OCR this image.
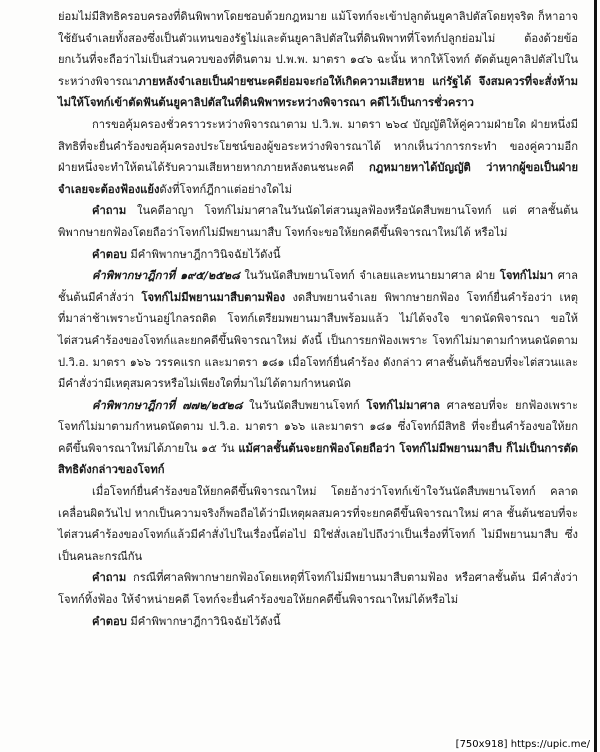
ย่อมไม่มีสิทธิครอบครองที่ดินพิพาทโดยชอบด้วยกฎหมาย แม้โจทก์จะเข้าปลูกต้นยูคาลิปตัสโดยทุจริต ก็หาอาจใช้ยันจำเลยทั้งสองซึ่งเป็นตัวแทนของรัฐไม่และต้นยูคาลิปตัสในที่ดินพิพาทที่โจทก์ปลูกย่อมไม่ ต้องด้วยข้อยกเว้นที่จะถือว่าไม่เป็นส่วนควบของที่ดินตาม ป.พ.พ. มาตรา ๑๔๖ ฉะนั้น หากให้โจทก์ ตัดต้นยูคาลิปตัสไปในระหว่างพิจารณาภายหลังจำเลยเป็นฝ่ายชนะคดีย่อมจะก่อให้เกิดความเสียหาย แก่รัฐได้ จึงสมควรที่จะสั่งห้ามไม่ให้โจทก์เข้าตัดฟันต้นยูคาลิปตัสในที่ดินพิพาทระหว่างพิจารณา คดีไว้เป็นการชั่วคราว

การขอคุ้มครองชั่วคราวระหว่างพิจารณาตาม ป.วิ.พ. มาตรา ๒๖๔ บัญญัติให้คู่ความฝ่ายใด ฝ่ายหนึ่งมีสิทธิที่จะยื่นคำร้องขอคุ้มครองประโยชน์ของผู้ขอระหว่างพิจารณาได้ หากเห็นว่าการกระทำ ของคู่ความอีกฝ่ายหนึ่งจะทำให้ตนได้รับความเสียหายหากภายหลังตนชนะคดี กฎหมายหาได้บัญญัติ ว่าหากผู้ขอเป็นฝ่ายจำเลยจะต้องฟ้องแย้งดังที่โจทก์ฎีกาแต่อย่างใดไม่

คำถาม ในคดีอาญา โจทก์ไม่มาศาลในวันนัดไต่สวนมูลฟ้องหรือนัดสืบพยานโจทก์ แต่ ศาลชั้นต้นพิพากษายกฟ้องโดยถือว่าโจทก์ไม่มีพยานมาสืบ โจทก์จะขอให้ยกคดีขึ้นพิจารณาใหม่ได้ หรือไม่

คำตอบ มีคำพิพากษาฎีกาวินิจฉัยไว้ดังนี้

คำพิพากษาฎีกาที่ ๑๙๕/๒๕๒๘ ในวันนัดสืบพยานโจทก์ จำเลยและทนายมาศาล ฝ่าย โจทก์ไม่มา ศาลชั้นต้นมีคำสั่งว่า โจทก์ไม่มีพยานมาสืบตามฟ้อง งดสืบพยานจำเลย พิพากษายกฟ้อง โจทก์ยื่นคำร้องว่า เหตุที่มาล่าช้าเพราะบ้านอยู่ไกลรถติด โจทก์เตรียมพยานมาสืบพร้อมแล้ว ไม่ได้จงใจ ขาดนัดพิจารณา ขอให้ไต่สวนคำร้องของโจทก์และยกคดีขึ้นพิจารณาใหม่ ดังนี้ เป็นการยกฟ้องเพราะ โจทก์ไม่มาตามกำหนดนัดตาม ป.วิ.อ. มาตรา ๑๖๖ วรรคแรก และมาตรา ๑๘๑ เมื่อโจทก์ยื่นคำร้อง ดังกล่าว ศาลชั้นต้นก็ชอบที่จะไต่สวนและมีคำสั่งว่ามีเหตุสมควรหรือไม่เพียงใดที่มาไม่ได้ตามกำหนดนัด

คำพิพากษาฎีกาที่ ๗๗๒/๒๕๒๘ ในวันนัดสืบพยานโจทก์ โจทก์ไม่มาศาล ศาลชอบที่จะ ยกฟ้องเพราะโจทก์ไม่มาตามกำหนดนัดตาม ป.วิ.อ. มาตรา ๑๖๖ และมาตรา ๑๘๑ ซึ่งโจทก์มีสิทธิ ที่จะยื่นคำร้องขอให้ยกคดีขึ้นพิจารณาใหม่ได้ภายใน ๑๕ วัน แม้ศาลชั้นต้นจะยกฟ้องโดยถือว่า โจทก์ไม่มีพยานมาสืบ ก็ไม่เป็นการตัดสิทธิดังกล่าวของโจทก์

เมื่อโจทก์ยื่นคำร้องขอให้ยกคดีขึ้นพิจารณาใหม่ โดยอ้างว่าโจทก์เข้าใจวันนัดสืบพยานโจทก์ คลาดเคลื่อนผิดวันไป หากเป็นความจริงก็พอถือได้ว่ามีเหตุผลสมควรที่จะยกคดีขึ้นพิจารณาใหม่ ศาล ชั้นต้นชอบที่จะไต่สวนคำร้องของโจทก์แล้วมีคำสั่งไปในเรื่องนี้ต่อไป มิใช่สั่งเลยไปถึงว่าเป็นเรื่องที่โจทก์ ไม่มีพยานมาสืบ ซึ่งเป็นคนละกรณีกัน

คำถาม กรณีที่ศาลพิพากษายกฟ้องโดยเหตุที่โจทก์ไม่มีพยานมาสืบตามฟ้อง หรือศาลชั้นต้น มีคำสั่งว่าโจทก์ทิ้งฟ้อง ให้จำหน่ายคดี โจทก์จะยื่นคำร้องขอให้ยกคดีขึ้นพิจารณาใหม่ได้หรือไม่

คำตอบ มีคำพิพากษาฎีกาวินิจฉัยไว้ดังนี้

[750x918] https://upic.me/
